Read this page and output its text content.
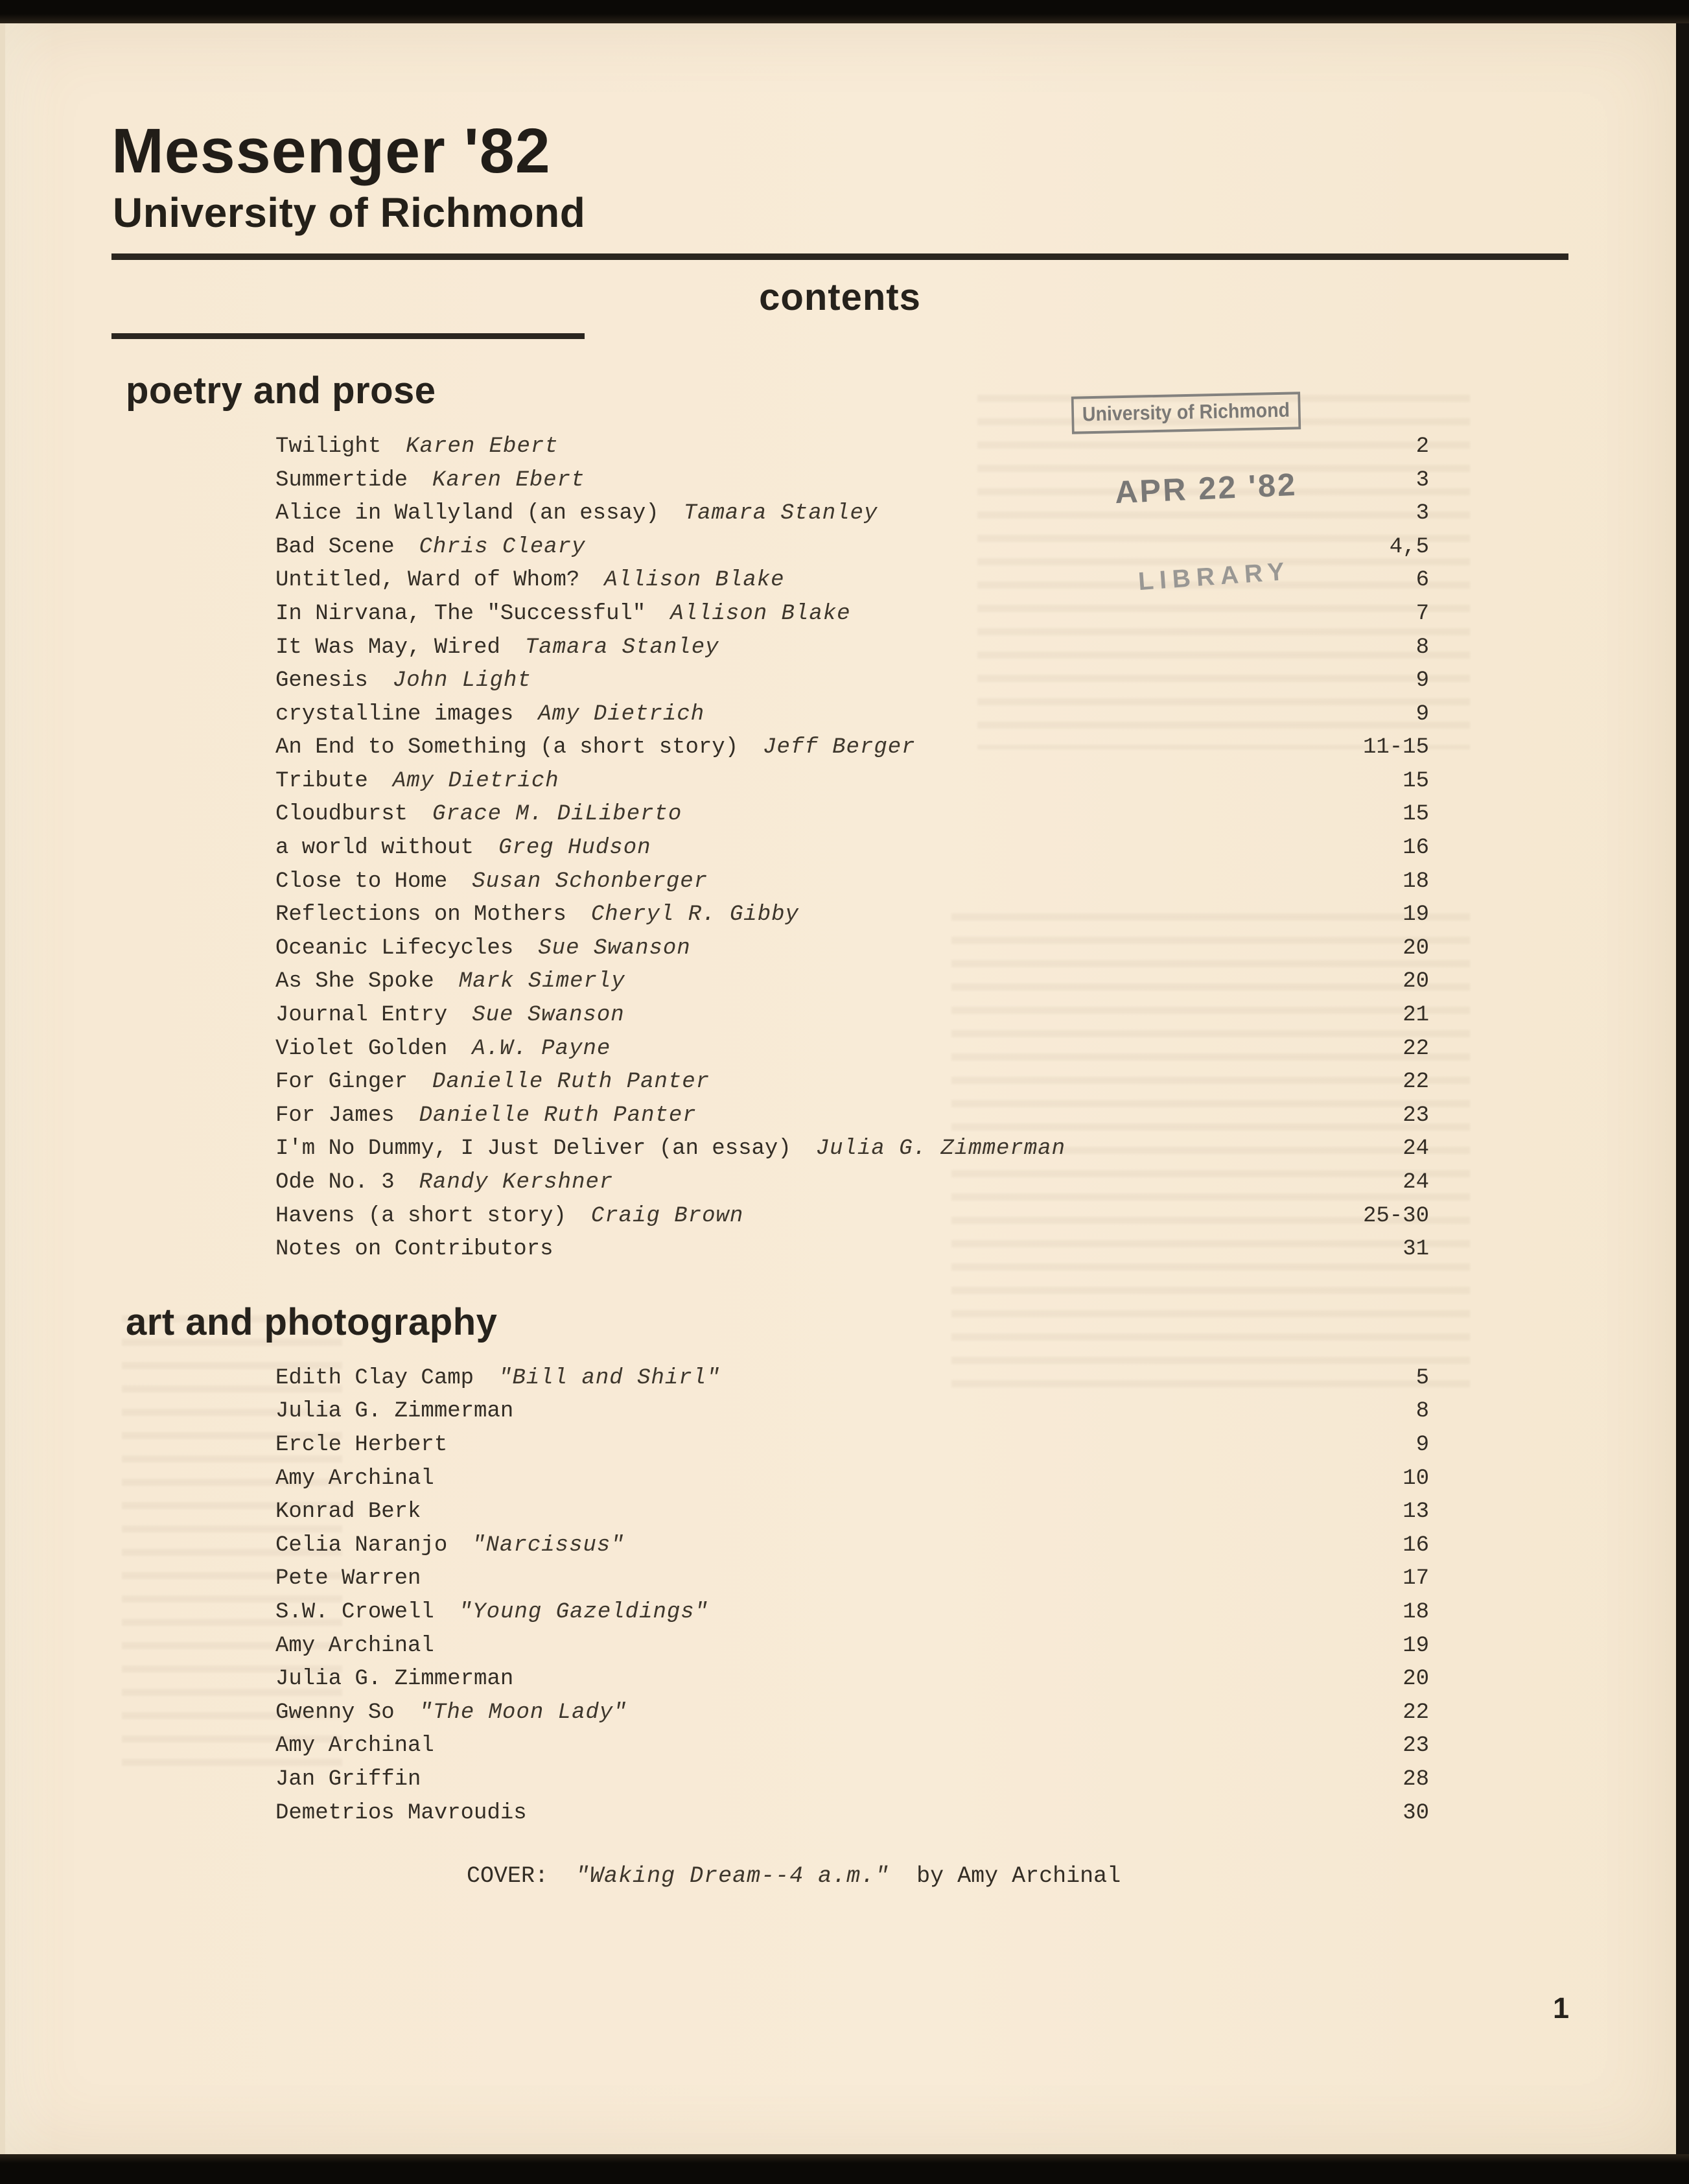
Messenger '82
University of Richmond
contents
poetry and prose
Twilight Karen Ebert	2
Summertide Karen Ebert	3
Alice in Wallyland (an essay) Tamara Stanley	3
Bad Scene Chris Cleary	4,5
Untitled, Ward of Whom? Allison Blake	6
In Nirvana, The "Successful" Allison Blake	7
It Was May, Wired Tamara Stanley	8
Genesis John Light	9
crystalline images Amy Dietrich	9
An End to Something (a short story) Jeff Berger	11-15
Tribute Amy Dietrich	15
Cloudburst Grace M. DiLiberto	15
a world without Greg Hudson	16
Close to Home Susan Schonberger	18
Reflections on Mothers Cheryl R. Gibby	19
Oceanic Lifecycles Sue Swanson	20
As She Spoke Mark Simerly	20
Journal Entry Sue Swanson	21
Violet Golden A.W. Payne	22
For Ginger Danielle Ruth Panter	22
For James Danielle Ruth Panter	23
I'm No Dummy, I Just Deliver (an essay) Julia G. Zimmerman	24
Ode No. 3 Randy Kershner	24
Havens (a short story) Craig Brown	25-30
Notes on Contributors	31
art and photography
Edith Clay Camp "Bill and Shirl"	5
Julia G. Zimmerman	8
Ercle Herbert	9
Amy Archinal	10
Konrad Berk	13
Celia Naranjo "Narcissus"	16
Pete Warren	17
S.W. Crowell "Young Gazeldings"	18
Amy Archinal	19
Julia G. Zimmerman	20
Gwenny So "The Moon Lady"	22
Amy Archinal	23
Jan Griffin	28
Demetrios Mavroudis	30
University of Richmond
APR 22 '82
LIBRARY
COVER: "Waking Dream--4 a.m." by Amy Archinal
1
